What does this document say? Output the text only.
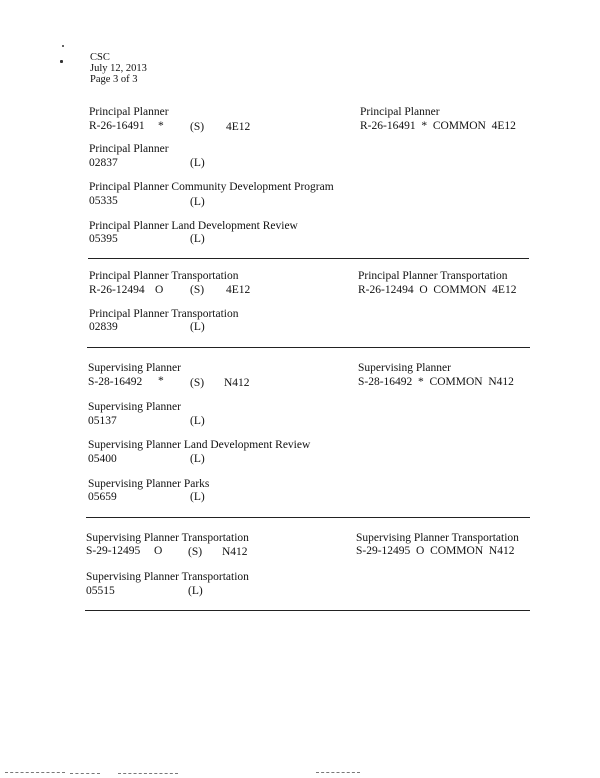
CSC
July 12, 2013
Page 3 of 3
Principal Planner
R-26-16491 * (S) 4E12
Principal Planner
02837	(L)
Principal Planner Community Development Program
05335	(L)
Principal Planner Land Development Review
05395	(L)
Principal Planner
R-26-16491  *  COMMON  4E12
Principal Planner Transportation
R-26-12494 O (S) 4E12
Principal Planner Transportation
02839	(L)
Principal Planner Transportation
R-26-12494  O  COMMON  4E12
Supervising Planner
S-28-16492 * (S) N412
Supervising Planner
05137	(L)
Supervising Planner Land Development Review
05400	(L)
Supervising Planner Parks
05659	(L)
Supervising Planner
S-28-16492  *  COMMON  N412
Supervising Planner Transportation
S-29-12495 O (S) N412
Supervising Planner Transportation
05515	(L)
Supervising Planner Transportation
S-29-12495  O  COMMON  N412
